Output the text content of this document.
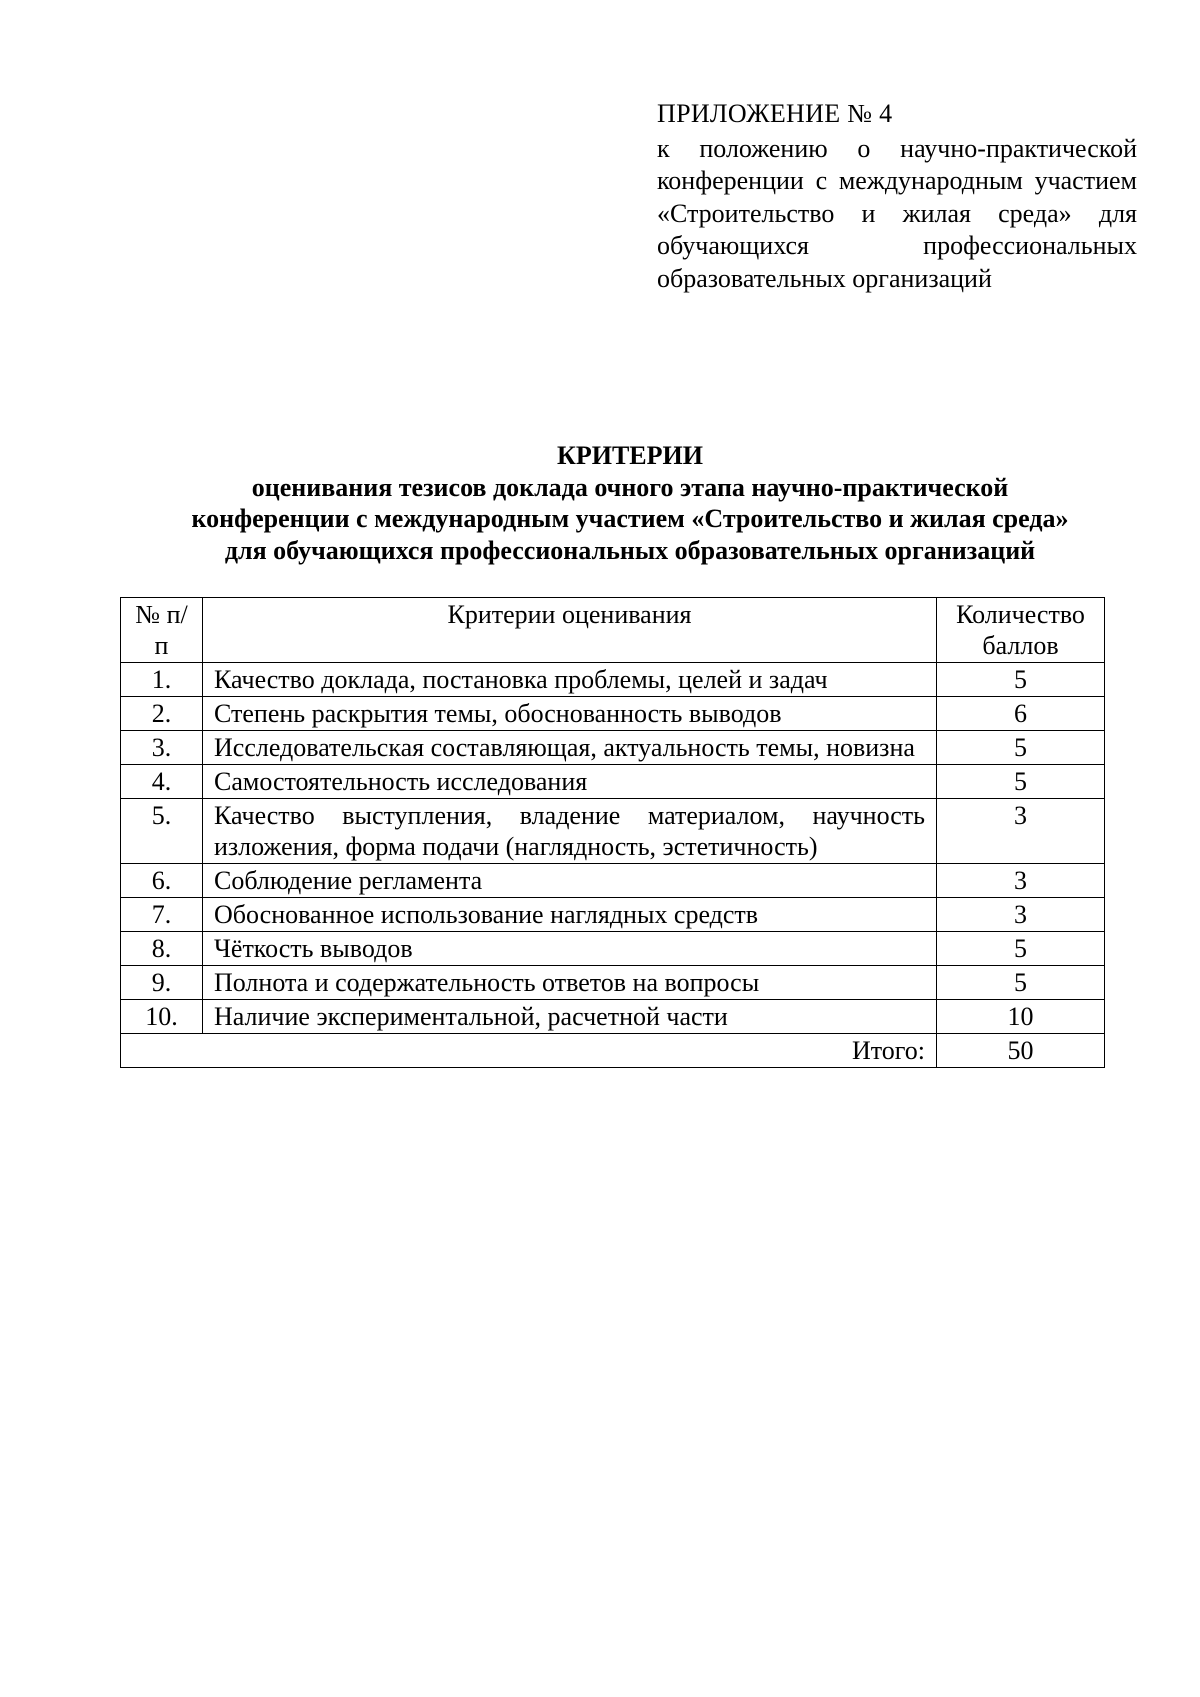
ПРИЛОЖЕНИЕ № 4
к положению о научно-практической конференции с международным участием «Строительство и жилая среда» для обучающихся профессиональных образовательных организаций
КРИТЕРИИ
оценивания тезисов доклада очного этапа научно-практической
конференции с международным участием «Строительство и жилая среда»
для обучающихся профессиональных образовательных организаций
№ п/п	Критерии оценивания	Количество баллов
1.	Качество доклада, постановка проблемы, целей и задач	5
2.	Степень раскрытия темы, обоснованность выводов	6
3.	Исследовательская составляющая, актуальность темы, новизна	5
4.	Самостоятельность исследования	5
5.	Качество выступления, владение материалом, научность изложения, форма подачи (наглядность, эстетичность)	3
6.	Соблюдение регламента	3
7.	Обоснованное использование наглядных средств	3
8.	Чёткость выводов	5
9.	Полнота и содержательность ответов на вопросы	5
10.	Наличие экспериментальной, расчетной части	10
Итого:		50
